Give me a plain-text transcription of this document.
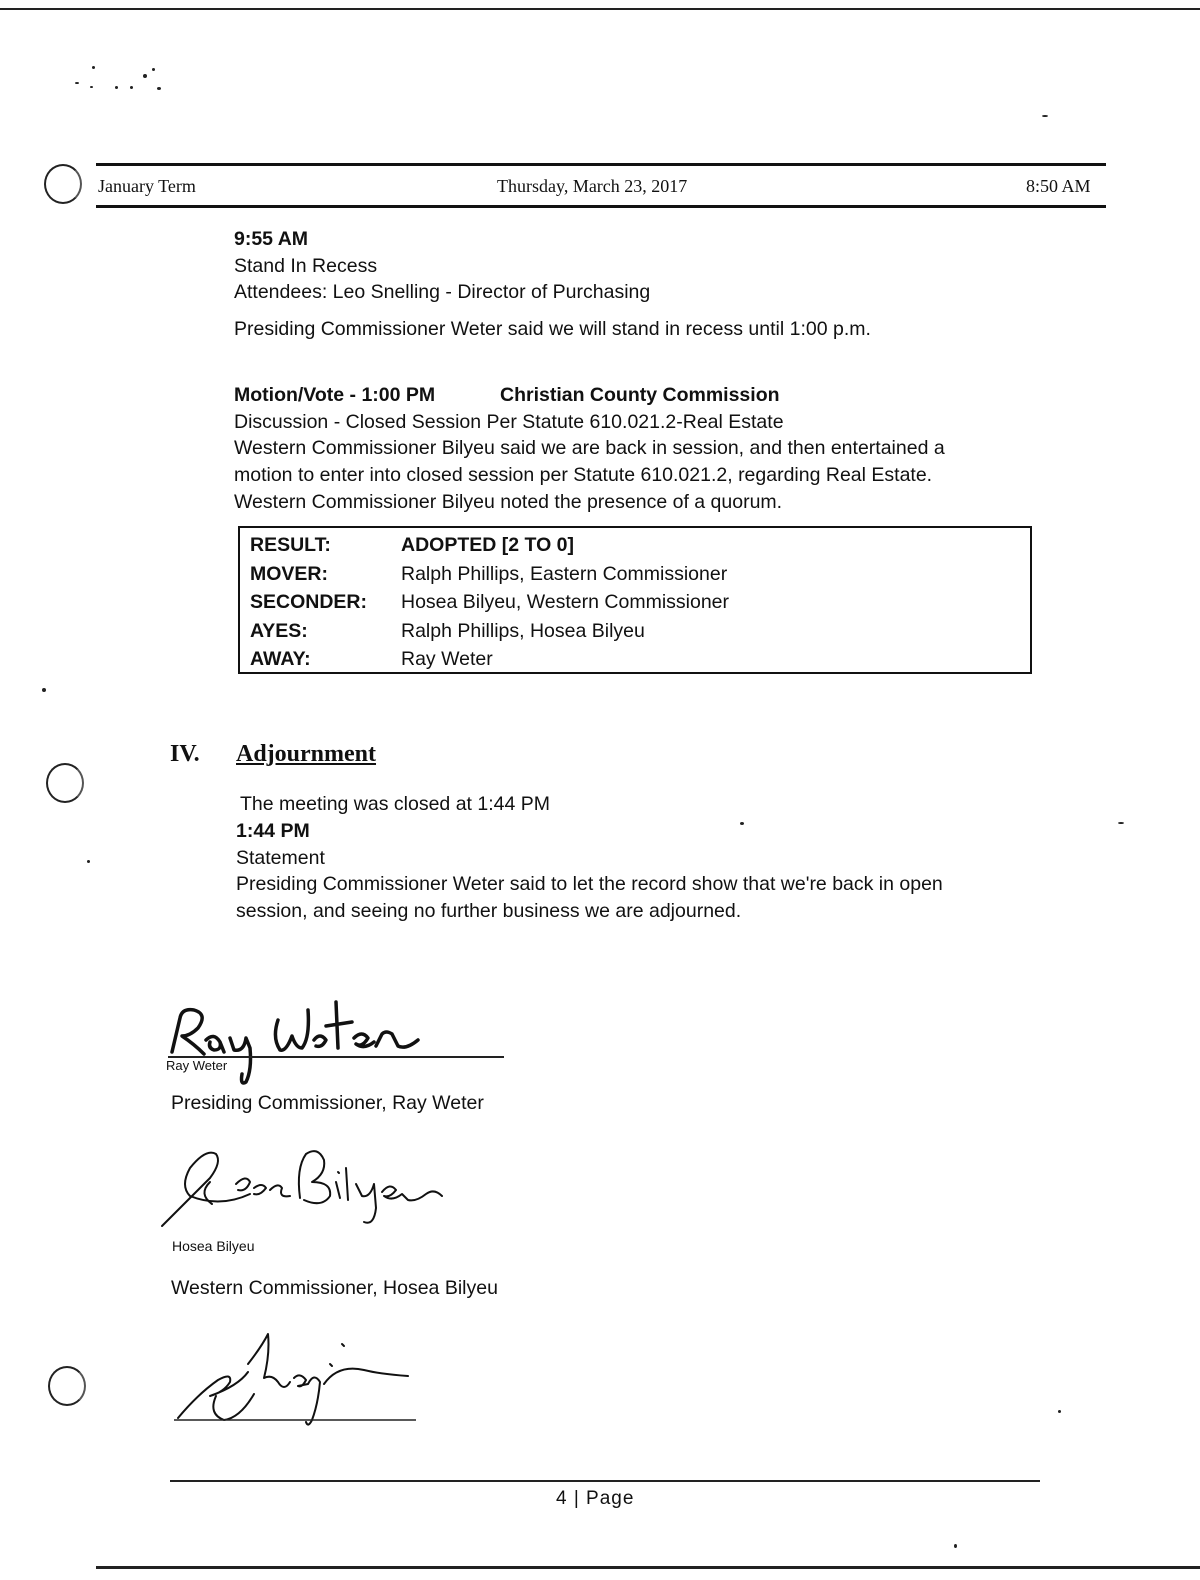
January Term	Thursday, March 23, 2017	8:50 AM
9:55 AM
Stand In Recess
Attendees: Leo Snelling - Director of Purchasing
Presiding Commissioner Weter said we will stand in recess until 1:00 p.m.
Motion/Vote - 1:00 PM	Christian County Commission
Discussion - Closed Session Per Statute 610.021.2-Real Estate
Western Commissioner Bilyeu said we are back in session, and then entertained a
motion to enter into closed session per Statute 610.021.2, regarding Real Estate.
Western Commissioner Bilyeu noted the presence of a quorum.
RESULT:	ADOPTED [2 TO 0]
MOVER:	Ralph Phillips, Eastern Commissioner
SECONDER: Hosea Bilyeu, Western Commissioner
AYES:	Ralph Phillips, Hosea Bilyeu
AWAY:	Ray Weter
IV. Adjournment
The meeting was closed at 1:44 PM
1:44 PM
Statement
Presiding Commissioner Weter said to let the record show that we're back in open
session, and seeing no further business we are adjourned.
Ray Weter
Presiding Commissioner, Ray Weter
Hosea Bilyeu
Western Commissioner, Hosea Bilyeu
4 | Page
